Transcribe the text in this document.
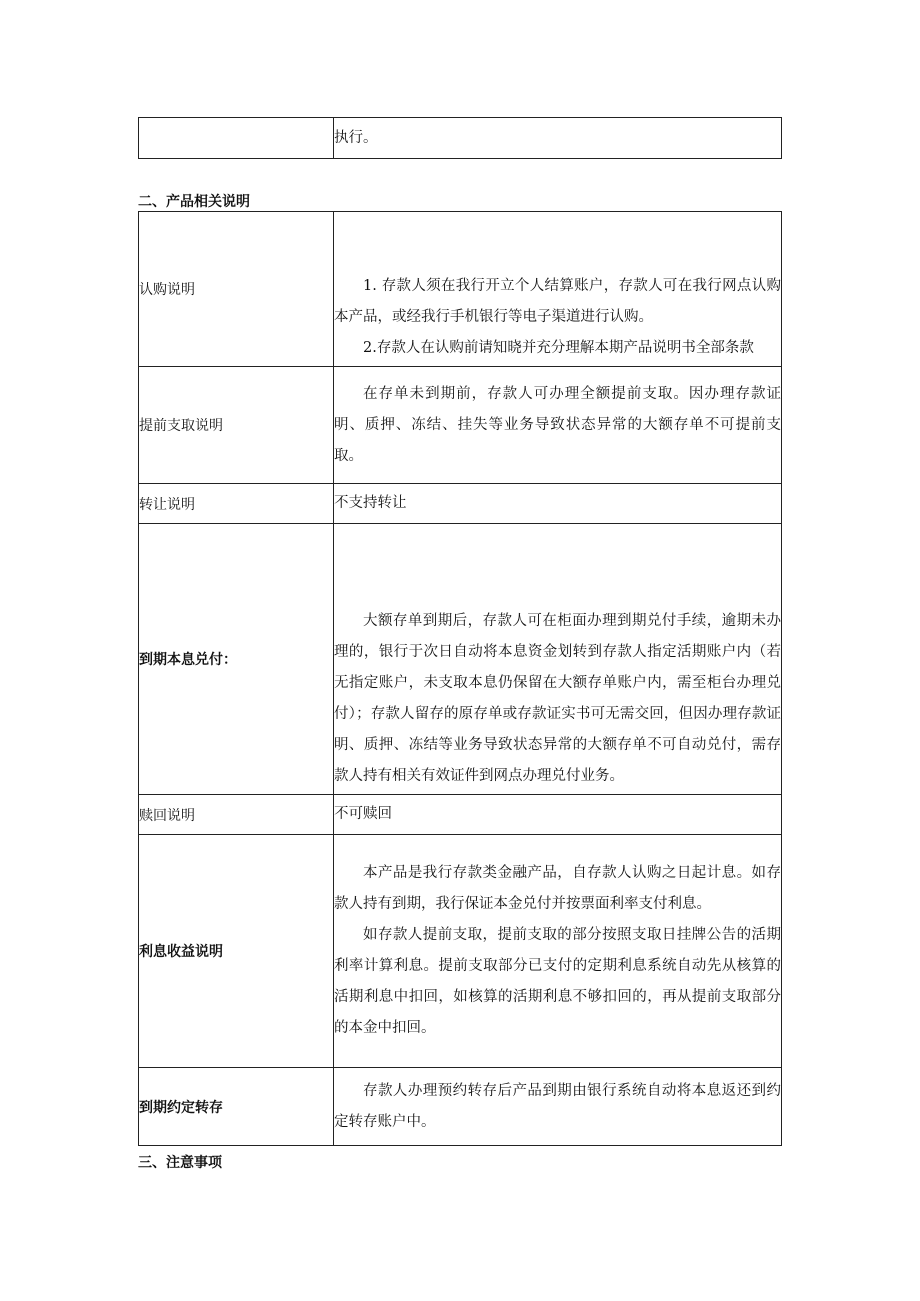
执行。

二、产品相关说明
认购说明	1. 存款人须在我行开立个人结算账户，存款人可在我行网点认购本产品，或经我行手机银行等电子渠道进行认购。

2.存款人在认购前请知晓并充分理解本期产品说明书全部条款

提前支取说明	在存单未到期前，存款人可办理全额提前支取。因办理存款证明、质押、冻结、挂失等业务导致状态异常的大额存单不可提前支取。

转让说明	不支持转让

到期本息兑付：	大额存单到期后，存款人可在柜面办理到期兑付手续，逾期未办理的，银行于次日自动将本息资金划转到存款人指定活期账户内（若无指定账户，未支取本息仍保留在大额存单账户内，需至柜台办理兑付）；存款人留存的原存单或存款证实书可无需交回，但因办理存款证明、质押、冻结等业务导致状态异常的大额存单不可自动兑付，需存款人持有相关有效证件到网点办理兑付业务。

赎回说明	不可赎回

利息收益说明	本产品是我行存款类金融产品，自存款人认购之日起计息。如存款人持有到期，我行保证本金兑付并按票面利率支付利息。

如存款人提前支取，提前支取的部分按照支取日挂牌公告的活期利率计算利息。提前支取部分已支付的定期利息系统自动先从核算的活期利息中扣回，如核算的活期利息不够扣回的，再从提前支取部分的本金中扣回。

到期约定转存	存款人办理预约转存后产品到期由银行系统自动将本息返还到约定转存账户中。

三、注意事项
